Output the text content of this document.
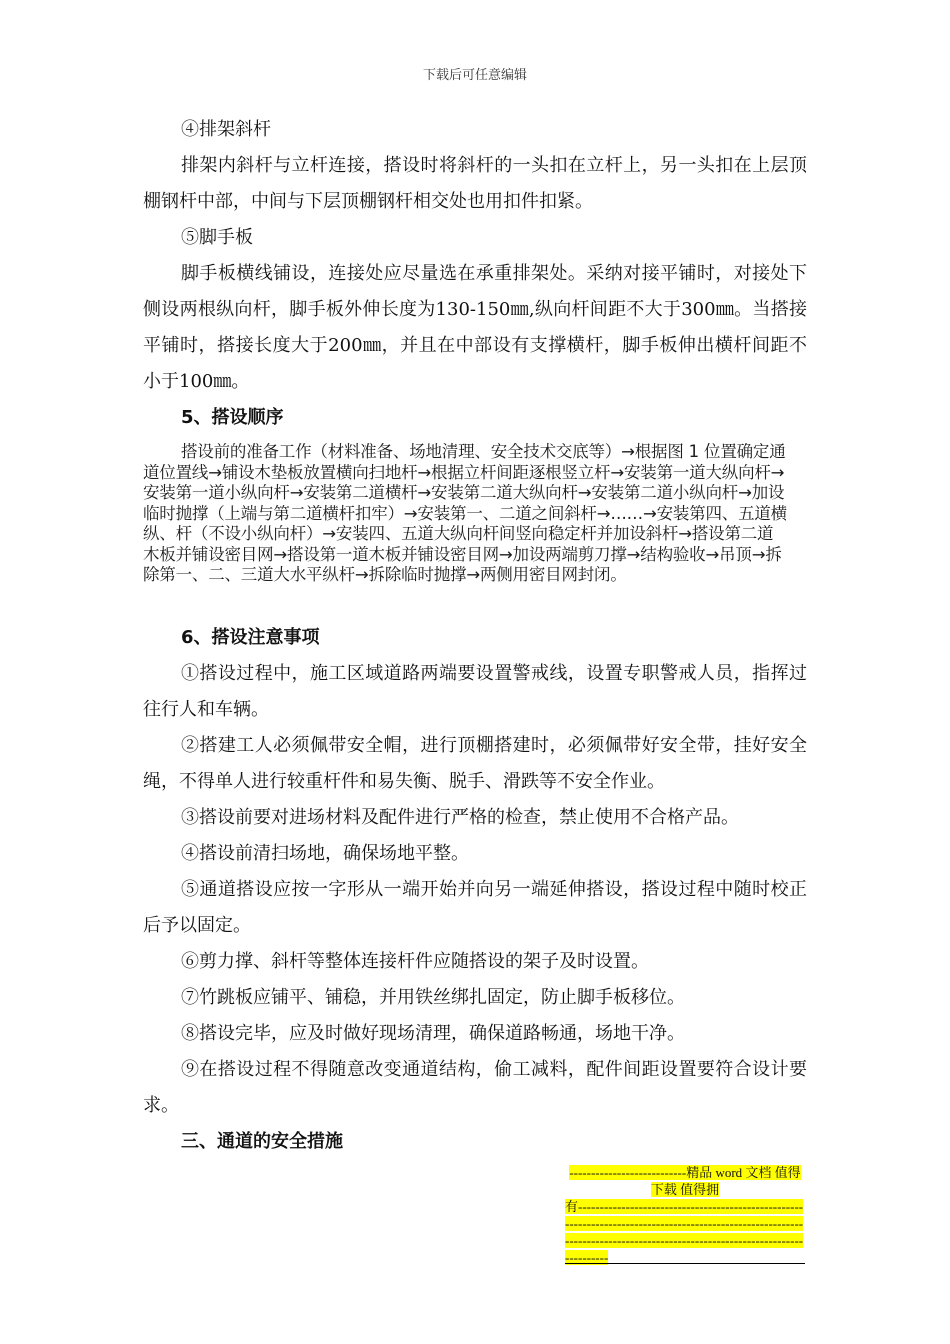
下载后可任意编辑

④排架斜杆

排架内斜杆与立杆连接，搭设时将斜杆的一头扣在立杆上，另一头扣在上层顶棚钢杆中部，中间与下层顶棚钢杆相交处也用扣件扣紧。

⑤脚手板

脚手板横线铺设，连接处应尽量选在承重排架处。采纳对接平铺时，对接处下侧设两根纵向杆，脚手板外伸长度为130-150㎜,纵向杆间距不大于300㎜。当搭接平铺时，搭接长度大于200㎜，并且在中部设有支撑横杆，脚手板伸出横杆间距不小于100㎜。

5、搭设顺序

搭设前的准备工作（材料准备、场地清理、安全技术交底等）→根据图 1 位置确定通道位置线→铺设木垫板放置横向扫地杆→根据立杆间距逐根竖立杆→安装第一道大纵向杆→安装第一道小纵向杆→安装第二道横杆→安装第二道大纵向杆→安装第二道小纵向杆→加设临时抛撑（上端与第二道横杆扣牢）→安装第一、二道之间斜杆→……→安装第四、五道横纵、杆（不设小纵向杆）→安装四、五道大纵向杆间竖向稳定杆并加设斜杆→搭设第二道木板并铺设密目网→搭设第一道木板并铺设密目网→加设两端剪刀撑→结构验收→吊顶→拆除第一、二、三道大水平纵杆→拆除临时抛撑→两侧用密目网封闭。

6、搭设注意事项

①搭设过程中，施工区域道路两端要设置警戒线，设置专职警戒人员，指挥过往行人和车辆。

②搭建工人必须佩带安全帽，进行顶棚搭建时，必须佩带好安全带，挂好安全绳，不得单人进行较重杆件和易失衡、脱手、滑跌等不安全作业。

③搭设前要对进场材料及配件进行严格的检查，禁止使用不合格产品。

④搭设前清扫场地，确保场地平整。

⑤通道搭设应按一字形从一端开始并向另一端延伸搭设，搭设过程中随时校正后予以固定。

⑥剪力撑、斜杆等整体连接杆件应随搭设的架子及时设置。

⑦竹跳板应铺平、铺稳，并用铁丝绑扎固定，防止脚手板移位。

⑧搭设完毕，应及时做好现场清理，确保道路畅通，场地干净。

⑨在搭设过程不得随意改变通道结构，偷工减料，配件间距设置要符合设计要求。

三、通道的安全措施

---------------------------精品 word 文档 值得下载 值得拥
有----------------------------------------------------------------------------------------------------------------------------------------------------------------------------
